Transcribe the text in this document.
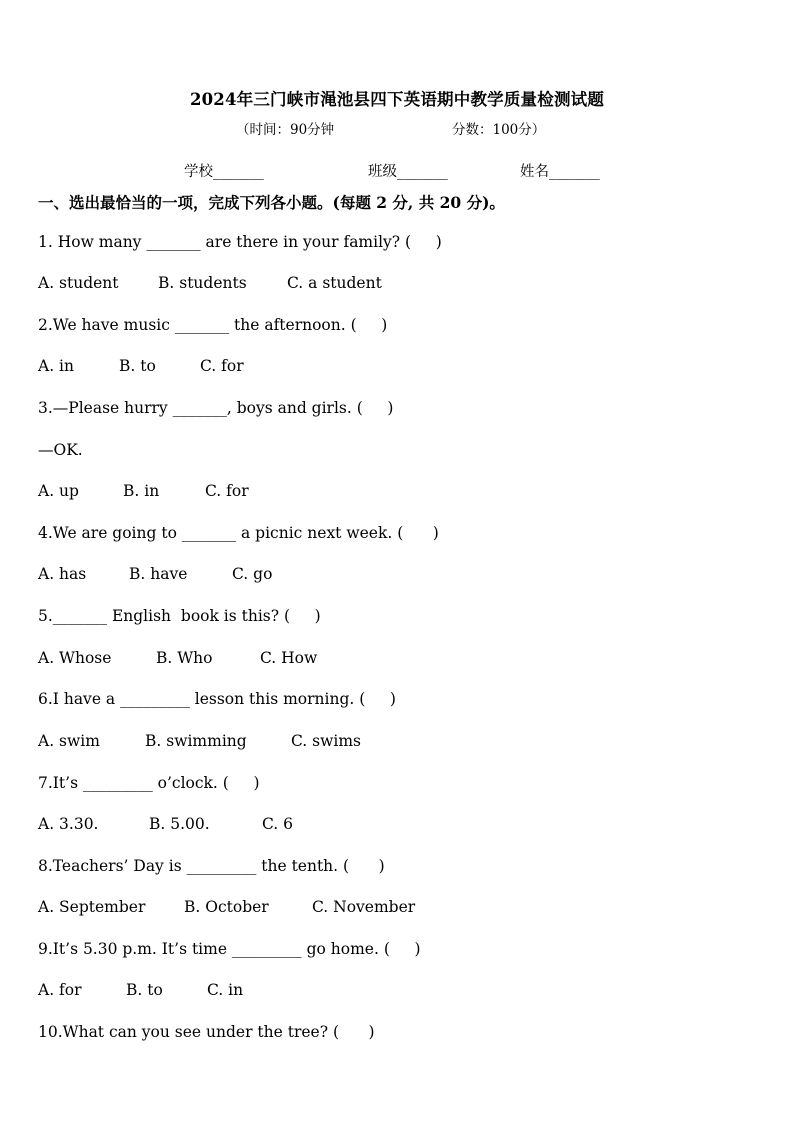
2024年三门峡市渑池县四下英语期中教学质量检测试题
（时间：90分钟	分数：100分）
学校_______	班级_______	姓名_______
一、选出最恰当的一项，完成下列各小题。(每题 2 分, 共 20 分)。
1. How many _______ are there in your family? (     )
A. student	B. students	C. a student
2.We have music _______ the afternoon. (     )
A. in	B. to	C. for
3.—Please hurry _______, boys and girls. (     )
—OK.
A. up	B. in	C. for
4.We are going to _______ a picnic next week. (      )
A. has	B. have	C. go
5._______ English  book is this? (     )
A. Whose	B. Who	C. How
6.I have a _________ lesson this morning. (     )
A. swim	B. swimming	C. swims
7.It’s _________ o’clock. (     )
A. 3.30.	B. 5.00.	C. 6
8.Teachers’ Day is _________ the tenth. (      )
A. September B. October	C. November
9.It’s 5.30 p.m. It’s time _________ go home. (     )
A. for	B. to	C. in
10.What can you see under the tree? (      )
